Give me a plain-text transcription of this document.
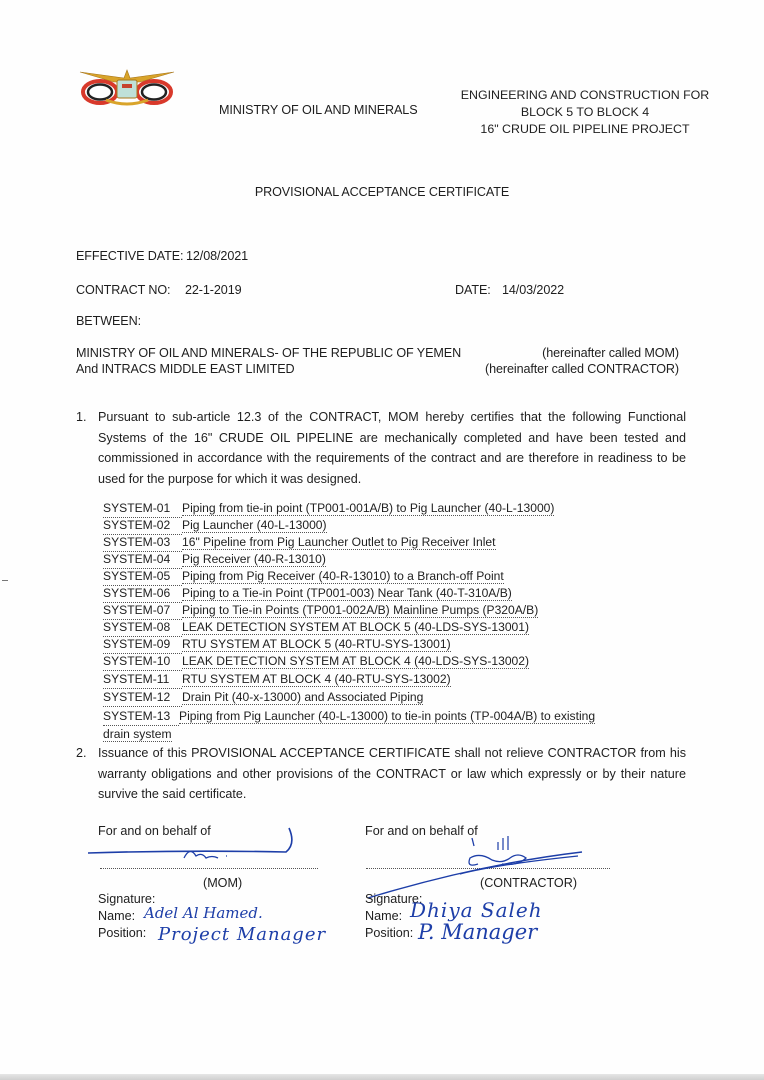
MINISTRY OF OIL AND MINERALS
ENGINEERING AND CONSTRUCTION FOR
BLOCK 5 TO BLOCK 4
16" CRUDE OIL PIPELINE PROJECT
PROVISIONAL ACCEPTANCE CERTIFICATE
EFFECTIVE DATE: 12/08/2021
CONTRACT NO: 22-1-2019	DATE: 14/03/2022
BETWEEN:
MINISTRY OF OIL AND MINERALS- OF THE REPUBLIC OF YEMEN	(hereinafter called MOM)
And INTRACS MIDDLE EAST LIMITED	(hereinafter called CONTRACTOR)
1. Pursuant to sub-article 12.3 of the CONTRACT, MOM hereby certifies that the following Functional
Systems of the 16" CRUDE OIL PIPELINE are mechanically completed and have been tested and
commissioned in accordance with the requirements of the contract and are therefore in readiness to be
used for the purpose for which it was designed.
SYSTEM-01 Piping from tie-in point (TP001-001A/B) to Pig Launcher (40-L-13000)
SYSTEM-02 Pig Launcher (40-L-13000)
SYSTEM-03 16" Pipeline from Pig Launcher Outlet to Pig Receiver Inlet
SYSTEM-04 Pig Receiver (40-R-13010)
SYSTEM-05 Piping from Pig Receiver (40-R-13010) to a Branch-off Point
SYSTEM-06 Piping to a Tie-in Point (TP001-003) Near Tank (40-T-310A/B)
SYSTEM-07 Piping to Tie-in Points (TP001-002A/B) Mainline Pumps (P320A/B)
SYSTEM-08 LEAK DETECTION SYSTEM AT BLOCK 5 (40-LDS-SYS-13001)
SYSTEM-09 RTU SYSTEM AT BLOCK 5 (40-RTU-SYS-13001)
SYSTEM-10 LEAK DETECTION SYSTEM AT BLOCK 4 (40-LDS-SYS-13002)
SYSTEM-11 RTU SYSTEM AT BLOCK 4 (40-RTU-SYS-13002)
SYSTEM-12 Drain Pit (40-x-13000) and Associated Piping
SYSTEM-13 Piping from Pig Launcher (40-L-13000) to tie-in points (TP-004A/B) to existing
drain system
2. Issuance of this PROVISIONAL ACCEPTANCE CERTIFICATE shall not relieve CONTRACTOR from his
warranty obligations and other provisions of the CONTRACT or law which expressly or by their nature
survive the said certificate.
For and on behalf of
(MOM)
Signature:
Name: Adel Al Hamed.
Position: Project Manager
For and on behalf of
(CONTRACTOR)
Signature:
Name: Dhiya Saleh
Position: P. Manager
